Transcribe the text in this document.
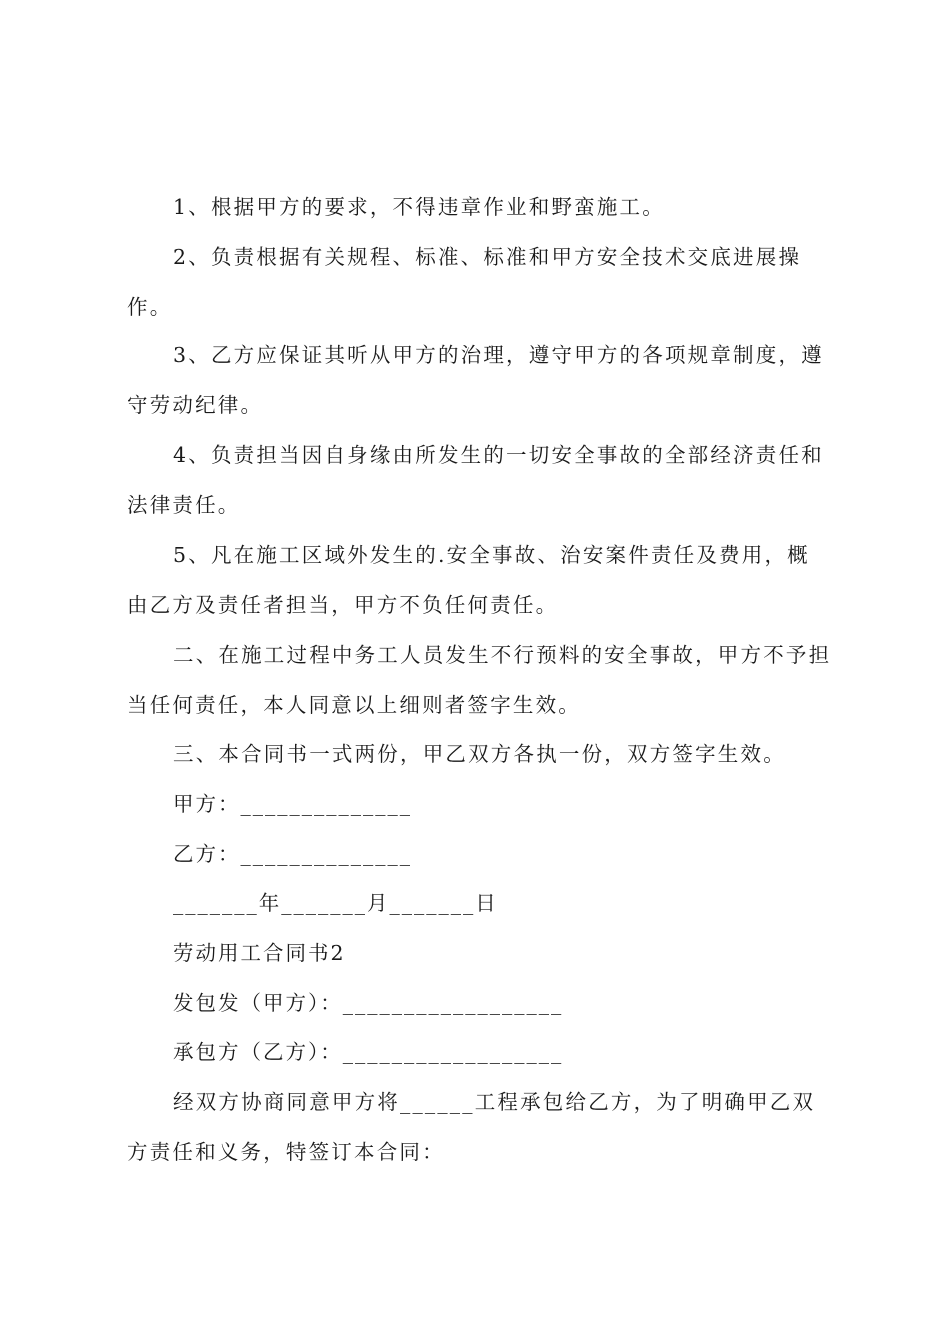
1、根据甲方的要求，不得违章作业和野蛮施工。

2、负责根据有关规程、标准、标准和甲方安全技术交底进展操作。

3、乙方应保证其听从甲方的治理，遵守甲方的各项规章制度，遵守劳动纪律。

4、负责担当因自身缘由所发生的一切安全事故的全部经济责任和法律责任。

5、凡在施工区域外发生的.安全事故、治安案件责任及费用，概由乙方及责任者担当，甲方不负任何责任。

二、在施工过程中务工人员发生不行预料的安全事故，甲方不予担当任何责任，本人同意以上细则者签字生效。

三、本合同书一式两份，甲乙双方各执一份，双方签字生效。

甲方：______________

乙方：______________

_______年_______月_______日

劳动用工合同书2

发包发（甲方）：__________________

承包方（乙方）：__________________

经双方协商同意甲方将______工程承包给乙方，为了明确甲乙双方责任和义务，特签订本合同：
